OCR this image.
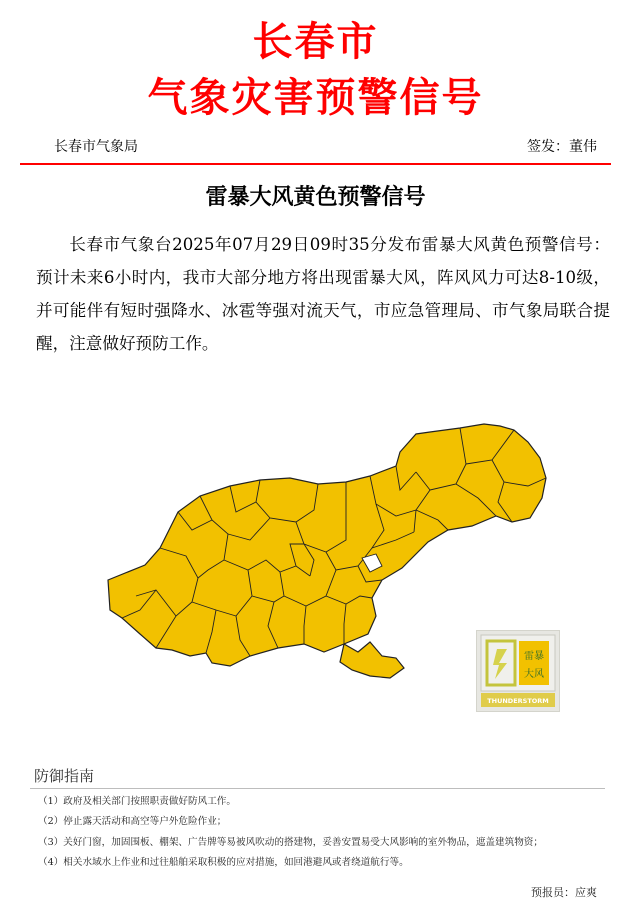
长春市
气象灾害预警信号
长春市气象局	签发：董伟
雷暴大风黄色预警信号

长春市气象台2025年07月29日09时35分发布雷暴大风黄色预警信号：预计未来6小时内，我市大部分地方将出现雷暴大风，阵风风力可达8-10级，并可能伴有短时强降水、冰雹等强对流天气，市应急管理局、市气象局联合提醒，注意做好预防工作。

雷暴
大风
THUNDERSTORM
防御指南
（1）政府及相关部门按照职责做好防风工作。
（2）停止露天活动和高空等户外危险作业；
（3）关好门窗，加固围板、棚架、广告牌等易被风吹动的搭建物，妥善安置易受大风影响的室外物品，遮盖建筑物资；
（4）相关水域水上作业和过往船舶采取积极的应对措施，如回港避风或者绕道航行等。
预报员：应爽
